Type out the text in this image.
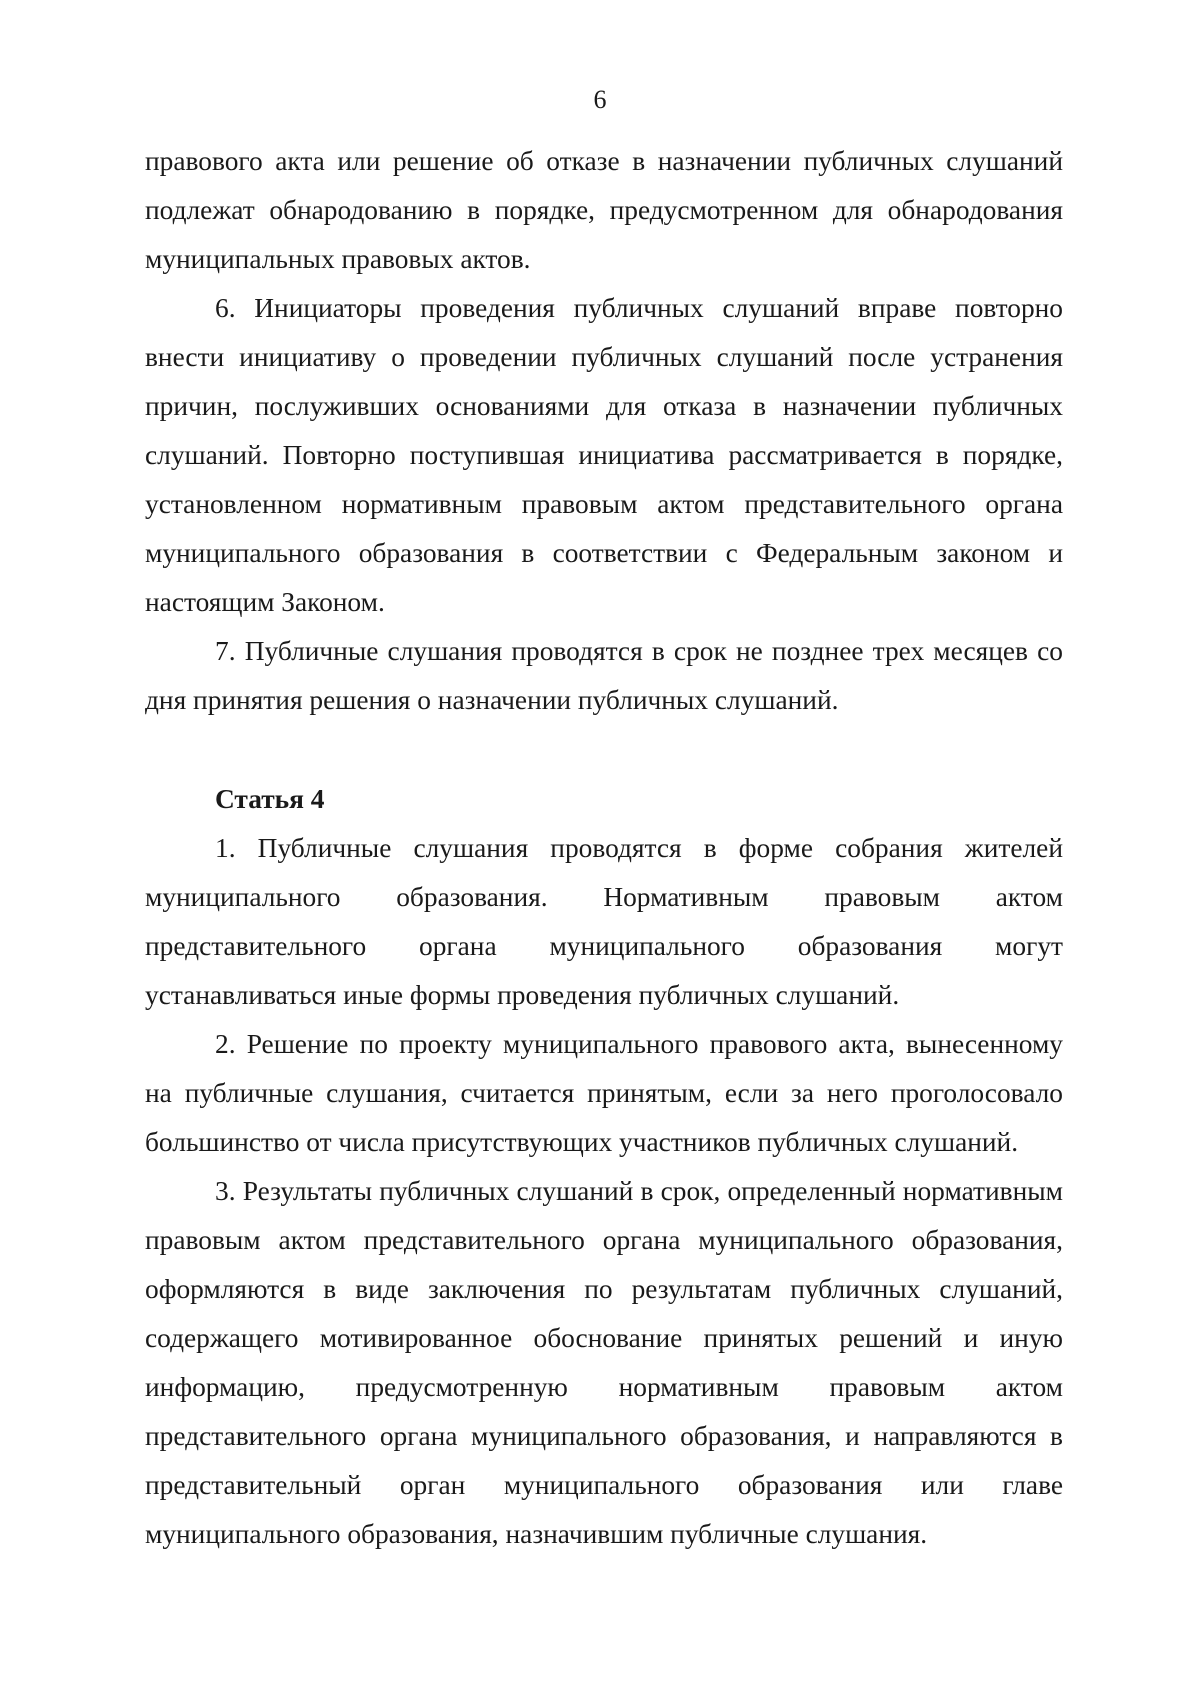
6

правового акта или решение об отказе в назначении публичных слушаний подлежат обнародованию в порядке, предусмотренном для обнародования муниципальных правовых актов.

6. Инициаторы проведения публичных слушаний вправе повторно внести инициативу о проведении публичных слушаний после устранения причин, послуживших основаниями для отказа в назначении публичных слушаний. Повторно поступившая инициатива рассматривается в порядке, установленном нормативным правовым актом представительного органа муниципального образования в соответствии с Федеральным законом и настоящим Законом.

7. Публичные слушания проводятся в срок не позднее трех месяцев со дня принятия решения о назначении публичных слушаний.

Статья 4

1. Публичные слушания проводятся в форме собрания жителей муниципального образования. Нормативным правовым актом представительного органа муниципального образования могут устанавливаться иные формы проведения публичных слушаний.

2. Решение по проекту муниципального правового акта, вынесенному на публичные слушания, считается принятым, если за него проголосовало большинство от числа присутствующих участников публичных слушаний.

3. Результаты публичных слушаний в срок, определенный нормативным правовым актом представительного органа муниципального образования, оформляются в виде заключения по результатам публичных слушаний, содержащего мотивированное обоснование принятых решений и иную информацию, предусмотренную нормативным правовым актом представительного органа муниципального образования, и направляются в представительный орган муниципального образования или главе муниципального образования, назначившим публичные слушания.
